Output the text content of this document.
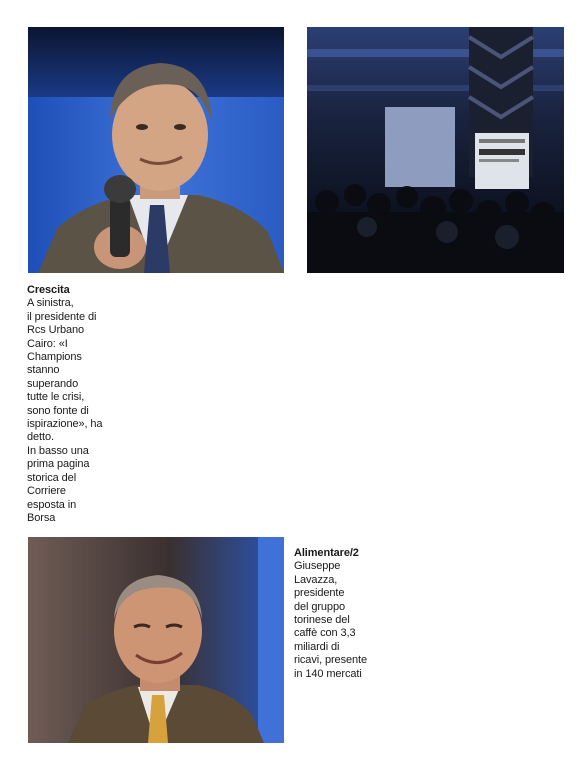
Crescita
A sinistra,
il presidente di
Rcs Urbano
Cairo: «I
Champions
stanno
superando
tutte le crisi,
sono fonte di
ispirazione», ha
detto.
In basso una
prima pagina
storica del
Corriere
esposta in
Borsa
Alimentare/2
Giuseppe
Lavazza,
presidente
del gruppo
torinese del
caffè con 3,3
miliardi di
ricavi, presente
in 140 mercati
